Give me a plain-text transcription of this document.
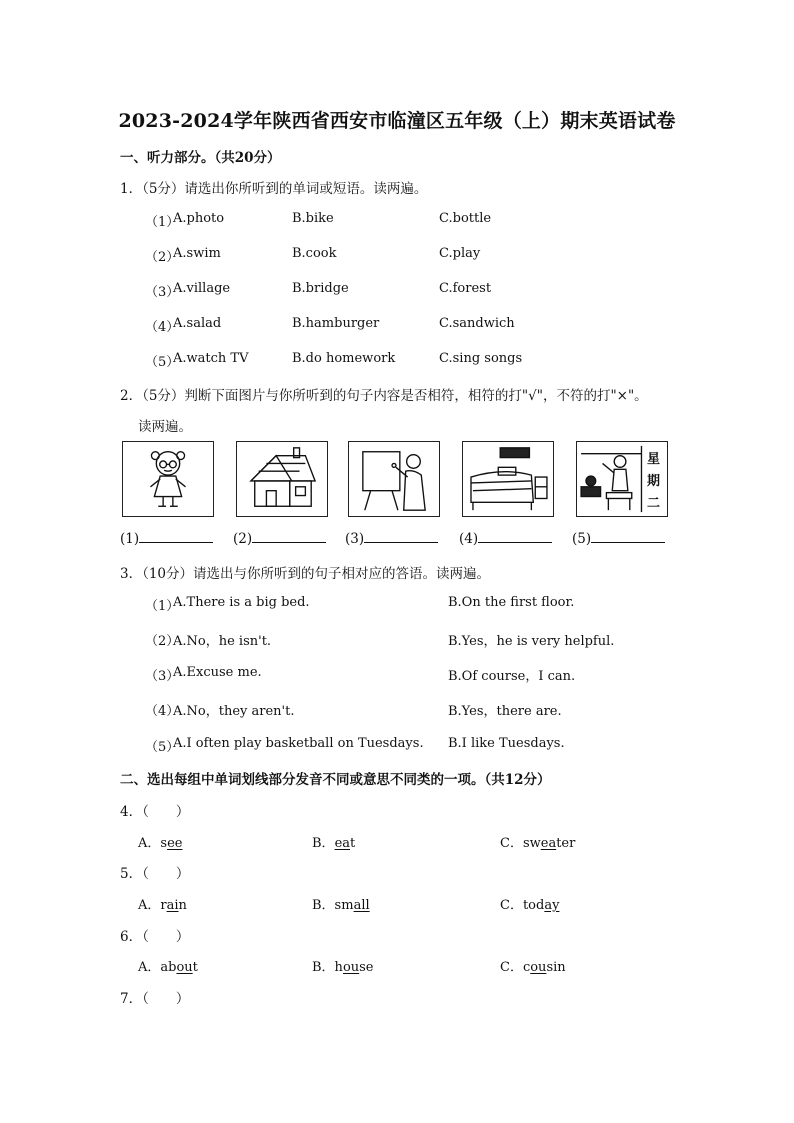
2023-2024学年陕西省西安市临潼区五年级（上）期末英语试卷
一、听力部分。（共20分）
1．（5分）请选出你所听到的单词或短语。读两遍。
（1）
A.photo	B.bike	C.bottle
（2）
A.swim	B.cook	C.play
（3）
A.village	B.bridge	C.forest
（4）
A.salad	B.hamburger	C.sandwich
（5）
A.watch TV	B.do homework	C.sing songs
2．（5分）判断下面图片与你所听到的句子内容是否相符，相符的打"√"，不符的打"×"。
读两遍。
星
期
二
(1)	(2)	(3)	(4)	(5)
3．（10分）请选出与你所听到的句子相对应的答语。读两遍。
（1）
A.There is a big bed.	B.On the first floor.
（2）
A.No，he isn't.	B.Yes，he is very helpful.
（3）
A.Excuse me.	B.Of course，I can.
（4）
A.No，they aren't.	B.Yes，there are.
（5）
A.I often play basketball on Tuesdays. B.I like Tuesdays.
二、选出每组中单词划线部分发音不同或意思不同类的一项。（共12分）
4．（　　）
A．see	B．eat	C．sweater
5．（　　）
A．rain	B．small	C．today
6．（　　）
A．about	B．house	C．cousin
7．（　　）
